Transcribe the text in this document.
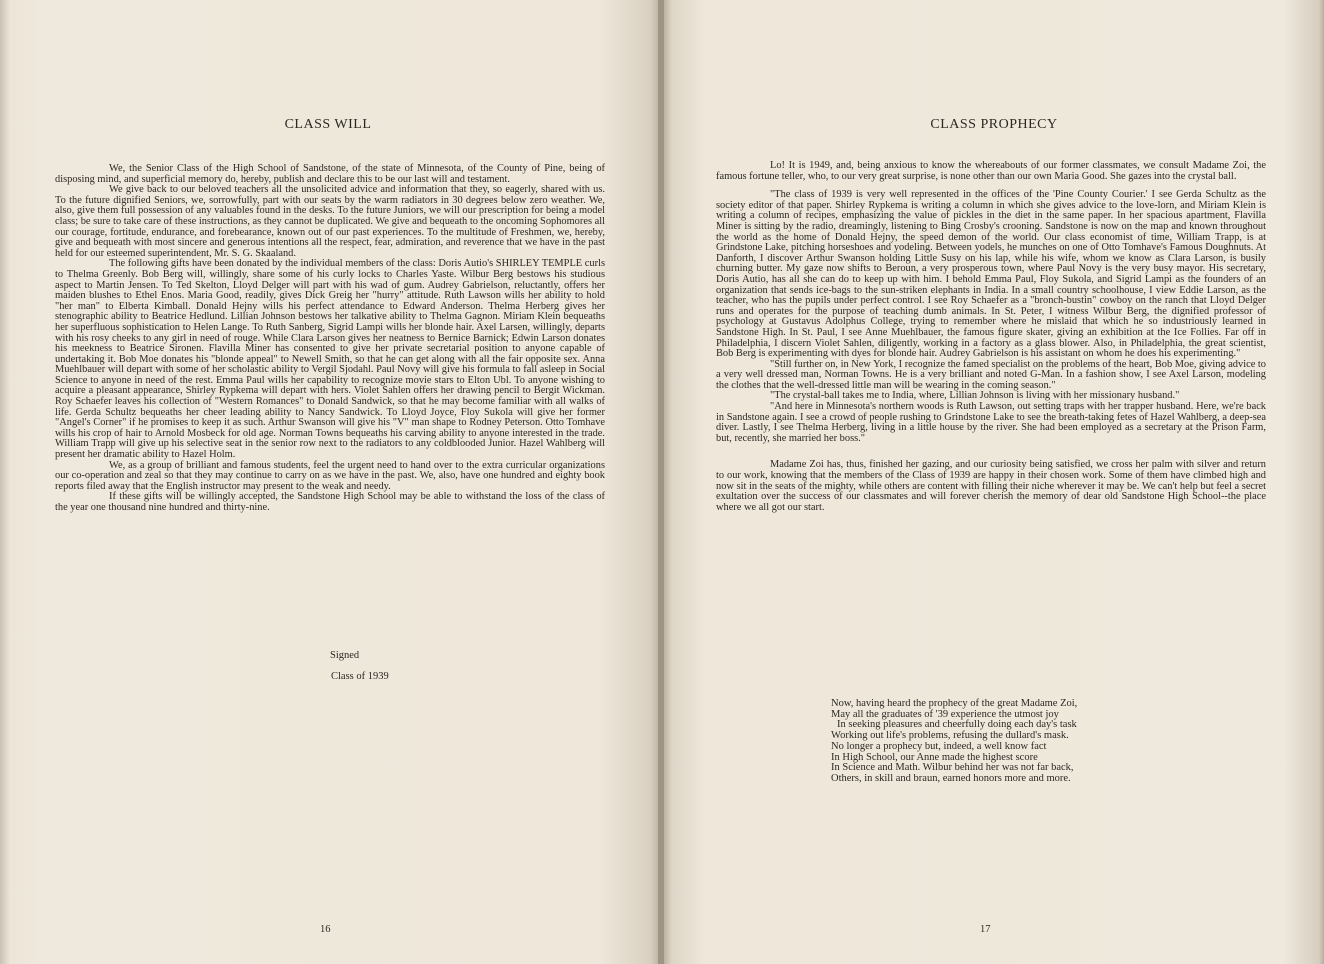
CLASS WILL

We, the Senior Class of the High School of Sandstone, of the state of Minnesota, of the County of Pine, being of disposing mind, and superficial memory do, hereby, publish and declare this to be our last will and testament.

We give back to our beloved teachers all the unsolicited advice and information that they, so eagerly, shared with us. To the future dignified Seniors, we, sorrowfully, part with our seats by the warm radiators in 30 degrees below zero weather. We, also, give them full possession of any valuables found in the desks. To the future Juniors, we will our prescription for being a model class; be sure to take care of these instructions, as they cannot be duplicated. We give and bequeath to the oncoming Sophomores all our courage, fortitude, endurance, and forebearance, known out of our past experiences. To the multitude of Freshmen, we, hereby, give and bequeath with most sincere and generous intentions all the respect, fear, admiration, and reverence that we have in the past held for our esteemed superintendent, Mr. S. G. Skaaland.

The following gifts have been donated by the individual members of the class: Doris Autio's SHIRLEY TEMPLE curls to Thelma Greenly. Bob Berg will, willingly, share some of his curly locks to Charles Yaste. Wilbur Berg bestows his studious aspect to Martin Jensen. To Ted Skelton, Lloyd Delger will part with his wad of gum. Audrey Gabrielson, reluctantly, offers her maiden blushes to Ethel Enos. Maria Good, readily, gives Dick Greig her "hurry" attitude. Ruth Lawson wills her ability to hold "her man" to Elberta Kimball. Donald Hejny wills his perfect attendance to Edward Anderson. Thelma Herberg gives her stenographic ability to Beatrice Hedlund. Lillian Johnson bestows her talkative ability to Thelma Gagnon. Miriam Klein bequeaths her superfluous sophistication to Helen Lange. To Ruth Sanberg, Sigrid Lampi wills her blonde hair. Axel Larsen, willingly, departs with his rosy cheeks to any girl in need of rouge. While Clara Larson gives her neatness to Bernice Barnick; Edwin Larson donates his meekness to Beatrice Sironen. Flavilla Miner has consented to give her private secretarial position to anyone capable of undertaking it. Bob Moe donates his "blonde appeal" to Newell Smith, so that he can get along with all the fair opposite sex. Anna Muehlbauer will depart with some of her scholastic ability to Vergil Sjodahl. Paul Novy will give his formula to fall asleep in Social Science to anyone in need of the rest. Emma Paul wills her capability to recognize movie stars to Elton Ubl. To anyone wishing to acquire a pleasant appearance, Shirley Rypkema will depart with hers. Violet Sahlen offers her drawing pencil to Bergit Wickman. Roy Schaefer leaves his collection of "Western Romances" to Donald Sandwick, so that he may become familiar with all walks of life. Gerda Schultz bequeaths her cheer leading ability to Nancy Sandwick. To Lloyd Joyce, Floy Sukola will give her former "Angel's Corner" if he promises to keep it as such. Arthur Swanson will give his "V" man shape to Rodney Peterson. Otto Tomhave wills his crop of hair to Arnold Mosbeck for old age. Norman Towns bequeaths his carving ability to anyone interested in the trade. William Trapp will give up his selective seat in the senior row next to the radiators to any coldblooded Junior. Hazel Wahlberg will present her dramatic ability to Hazel Holm.

We, as a group of brilliant and famous students, feel the urgent need to hand over to the extra curricular organizations our co-operation and zeal so that they may continue to carry on as we have in the past. We, also, have one hundred and eighty book reports filed away that the English instructor may present to the weak and needy.

If these gifts will be willingly accepted, the Sandstone High School may be able to withstand the loss of the class of the year one thousand nine hundred and thirty-nine.

Signed
Class of 1939
16
CLASS PROPHECY

Lo! It is 1949, and, being anxious to know the whereabouts of our former classmates, we consult Madame Zoi, the famous fortune teller, who, to our very great surprise, is none other than our own Maria Good. She gazes into the crystal ball.

"The class of 1939 is very well represented in the offices of the 'Pine County Courier.' I see Gerda Schultz as the society editor of that paper. Shirley Rypkema is writing a column in which she gives advice to the love-lorn, and Miriam Klein is writing a column of recipes, emphasizing the value of pickles in the diet in the same paper. In her spacious apartment, Flavilla Miner is sitting by the radio, dreamingly, listening to Bing Crosby's crooning. Sandstone is now on the map and known throughout the world as the home of Donald Hejny, the speed demon of the world. Our class economist of time, William Trapp, is at Grindstone Lake, pitching horseshoes and yodeling. Between yodels, he munches on one of Otto Tomhave's Famous Doughnuts. At Danforth, I discover Arthur Swanson holding Little Susy on his lap, while his wife, whom we know as Clara Larson, is busily churning butter. My gaze now shifts to Beroun, a very prosperous town, where Paul Novy is the very busy mayor. His secretary, Doris Autio, has all she can do to keep up with him. I behold Emma Paul, Floy Sukola, and Sigrid Lampi as the founders of an organization that sends ice-bags to the sun-striken elephants in India. In a small country schoolhouse, I view Eddie Larson, as the teacher, who has the pupils under perfect control. I see Roy Schaefer as a "bronch-bustin" cowboy on the ranch that Lloyd Delger runs and operates for the purpose of teaching dumb animals. In St. Peter, I witness Wilbur Berg, the dignified professor of psychology at Gustavus Adolphus College, trying to remember where he mislaid that which he so industriously learned in Sandstone High. In St. Paul, I see Anne Muehlbauer, the famous figure skater, giving an exhibition at the Ice Follies. Far off in Philadelphia, I discern Violet Sahlen, diligently, working in a factory as a glass blower. Also, in Philadelphia, the great scientist, Bob Berg is experimenting with dyes for blonde hair. Audrey Gabrielson is his assistant on whom he does his experimenting."

"Still further on, in New York, I recognize the famed specialist on the problems of the heart, Bob Moe, giving advice to a very well dressed man, Norman Towns. He is a very brilliant and noted G-Man. In a fashion show, I see Axel Larson, modeling the clothes that the well-dressed little man will be wearing in the coming season."

"The crystal-ball takes me to India, where, Lillian Johnson is living with her missionary husband."

"And here in Minnesota's northern woods is Ruth Lawson, out setting traps with her trapper husband. Here, we're back in Sandstone again. I see a crowd of people rushing to Grindstone Lake to see the breath-taking fetes of Hazel Wahlberg, a deep-sea diver. Lastly, I see Thelma Herberg, living in a little house by the river. She had been employed as a secretary at the Prison Farm, but, recently, she married her boss."

Madame Zoi has, thus, finished her gazing, and our curiosity being satisfied, we cross her palm with silver and return to our work, knowing that the members of the Class of 1939 are happy in their chosen work. Some of them have climbed high and now sit in the seats of the mighty, while others are content with filling their niche wherever it may be. We can't help but feel a secret exultation over the success of our classmates and will forever cherish the memory of dear old Sandstone High School--the place where we all got our start.

Now, having heard the prophecy of the great Madame Zoi,
May all the graduates of '39 experience the utmost joy
In seeking pleasures and cheerfully doing each day's task
Working out life's problems, refusing the dullard's mask.
No longer a prophecy but, indeed, a well know fact
In High School, our Anne made the highest score
In Science and Math. Wilbur behind her was not far back,
Others, in skill and braun, earned honors more and more.
17
